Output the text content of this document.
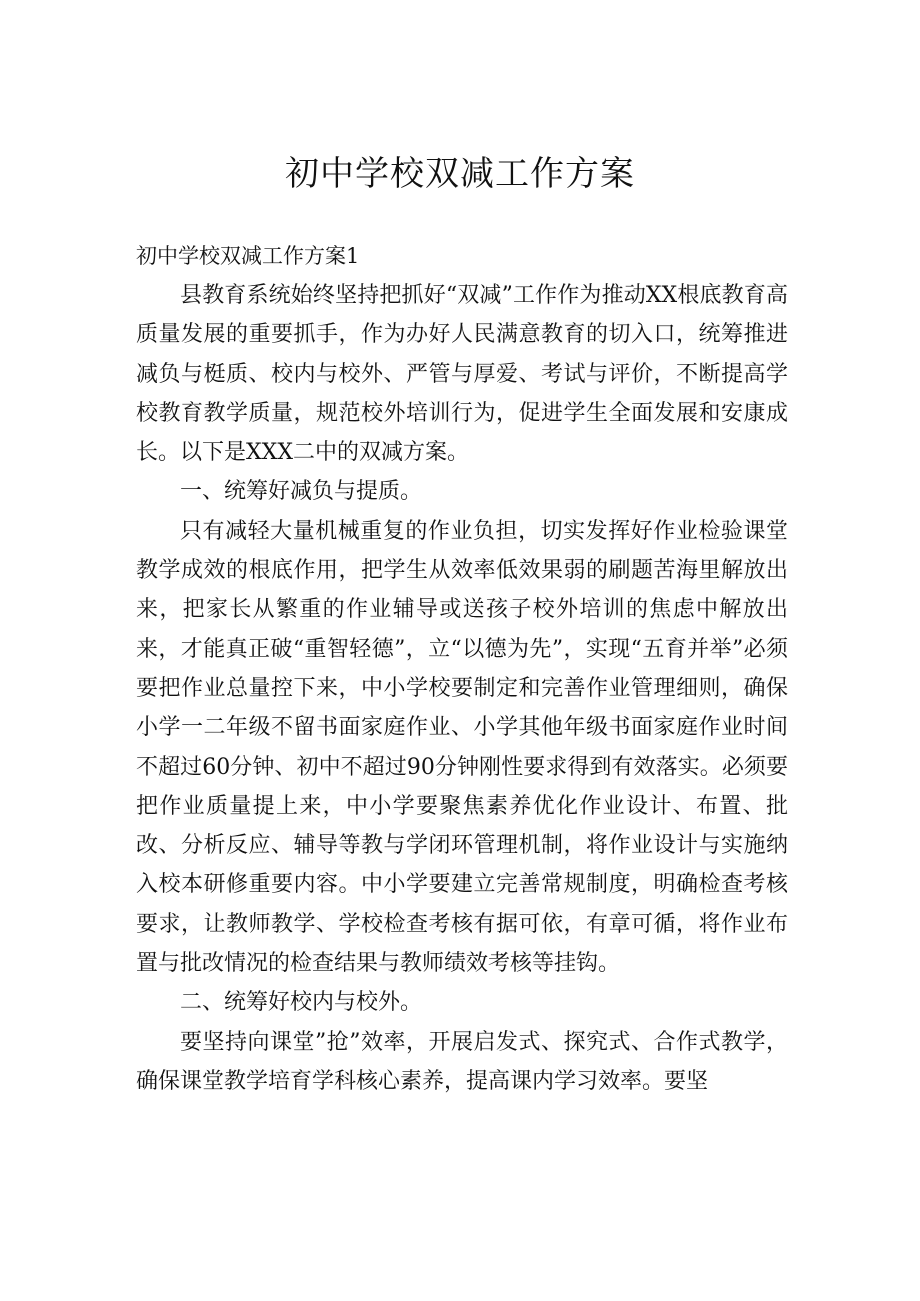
初中学校双减工作方案
初中学校双减工作方案1

县教育系统始终坚持把抓好“双减”工作作为推动XX根底教育高质量发展的重要抓手，作为办好人民满意教育的切入口，统筹推进减负与梃质、校内与校外、严管与厚爱、考试与评价，不断提高学校教育教学质量，规范校外培训行为，促进学生全面发展和安康成长。以下是XXX二中的双减方案。

一、统筹好减负与提质。

只有减轻大量机械重复的作业负担，切实发挥好作业检验课堂教学成效的根底作用，把学生从效率低效果弱的刷题苦海里解放出来，把家长从繁重的作业辅导或送孩子校外培训的焦虑中解放出来，才能真正破“重智轻德”，立“以德为先”，实现“五育并举”必须要把作业总量控下来，中小学校要制定和完善作业管理细则，确保小学一二年级不留书面家庭作业、小学其他年级书面家庭作业时间不超过60分钟、初中不超过90分钟刚性要求得到有效落实。必须要把作业质量提上来，中小学要聚焦素养优化作业设计、布置、批改、分析反应、辅导等教与学闭环管理机制，将作业设计与实施纳入校本研修重要内容。中小学要建立完善常规制度，明确检查考核要求，让教师教学、学校检查考核有据可依，有章可循，将作业布置与批改情况的检查结果与教师绩效考核等挂钩。

二、统筹好校内与校外。

要坚持向课堂”抢”效率，开展启发式、探究式、合作式教学，确保课堂教学培育学科核心素养，提高课内学习效率。要坚
